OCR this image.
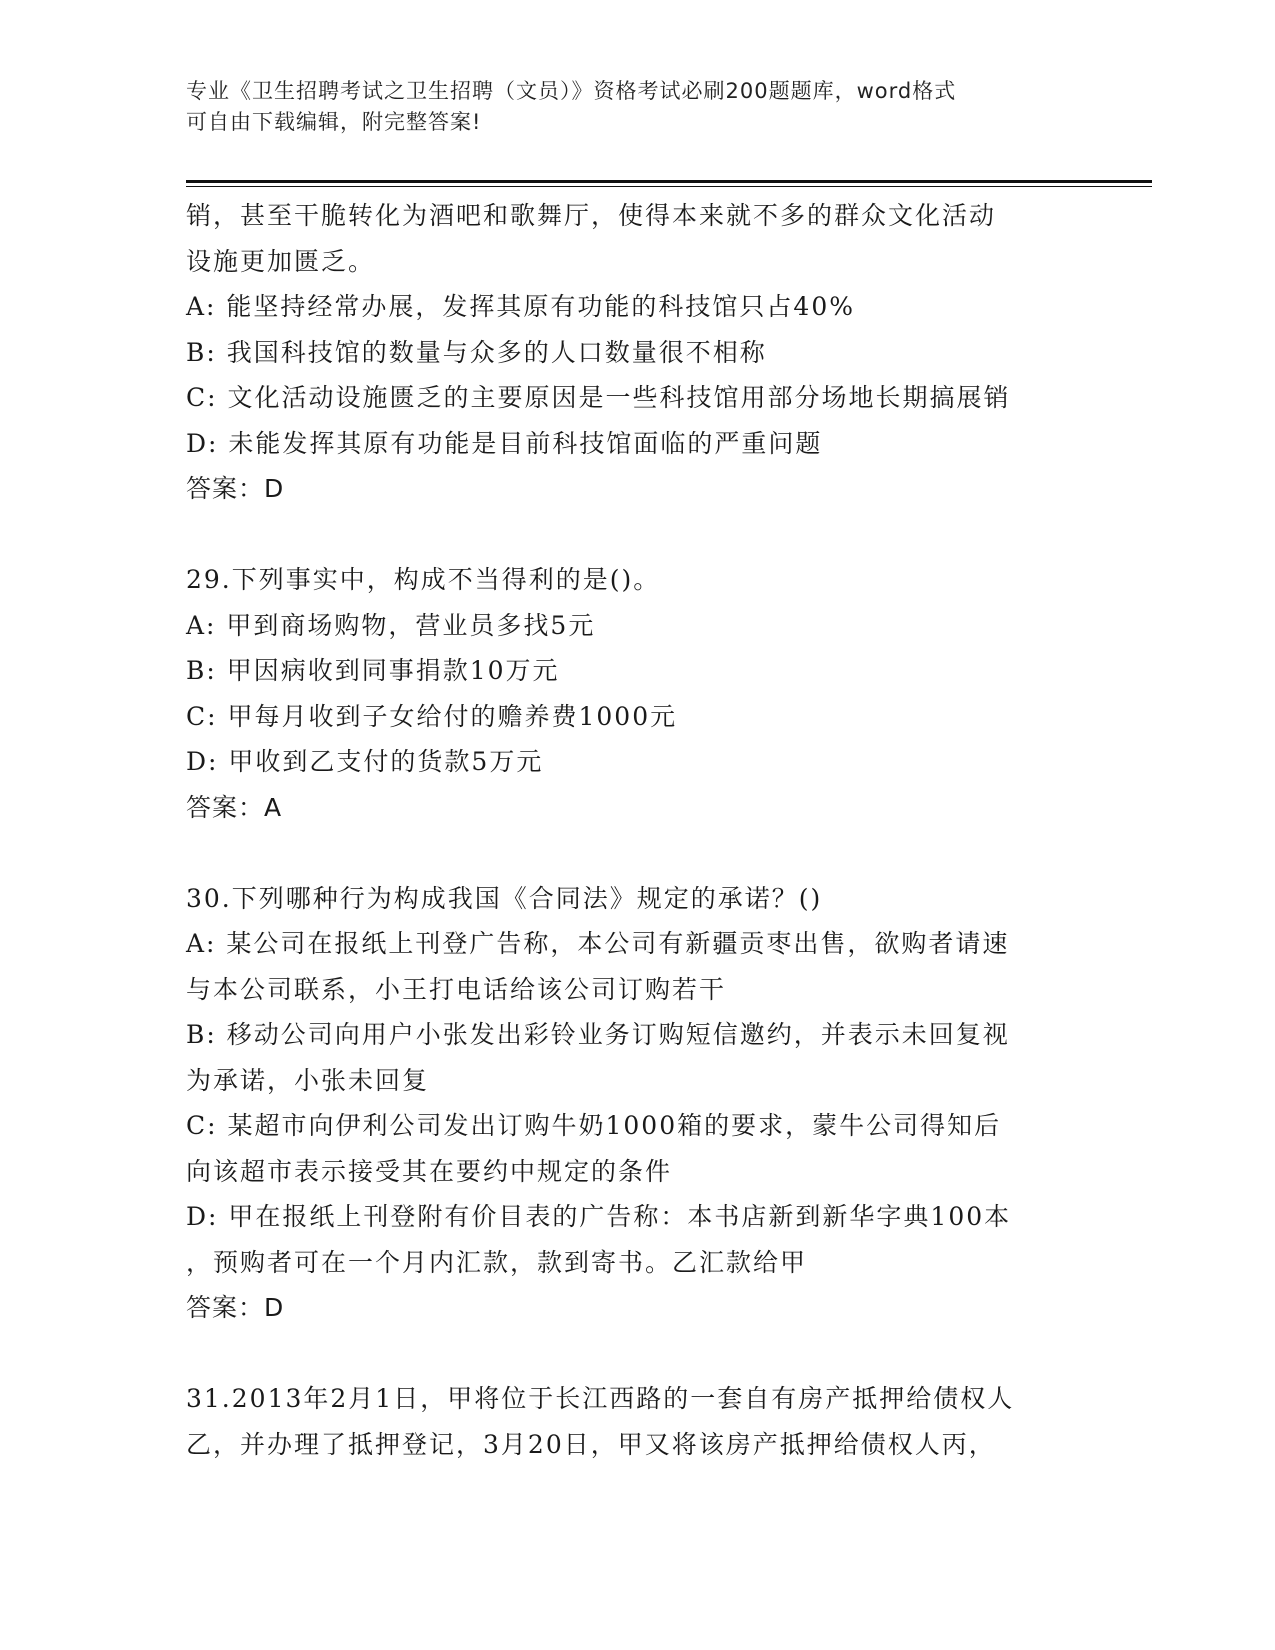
专业《卫生招聘考试之卫生招聘（文员）》资格考试必刷200题题库，word格式
可自由下载编辑，附完整答案!
销，甚至干脆转化为酒吧和歌舞厅，使得本来就不多的群众文化活动
设施更加匮乏。
A: 能坚持经常办展，发挥其原有功能的科技馆只占40%
B: 我国科技馆的数量与众多的人口数量很不相称
C: 文化活动设施匮乏的主要原因是一些科技馆用部分场地长期搞展销
D: 未能发挥其原有功能是目前科技馆面临的严重问题
答案：D
29.下列事实中，构成不当得利的是()。
A: 甲到商场购物，营业员多找5元
B: 甲因病收到同事捐款10万元
C: 甲每月收到子女给付的赡养费1000元
D: 甲收到乙支付的货款5万元
答案：A
30.下列哪种行为构成我国《合同法》规定的承诺？()
A: 某公司在报纸上刊登广告称，本公司有新疆贡枣出售，欲购者请速
与本公司联系，小王打电话给该公司订购若干
B: 移动公司向用户小张发出彩铃业务订购短信邀约，并表示未回复视
为承诺，小张未回复
C: 某超市向伊利公司发出订购牛奶1000箱的要求，蒙牛公司得知后
向该超市表示接受其在要约中规定的条件
D: 甲在报纸上刊登附有价目表的广告称：本书店新到新华字典100本
，预购者可在一个月内汇款，款到寄书。乙汇款给甲
答案：D
31.2013年2月1日，甲将位于长江西路的一套自有房产抵押给债权人
乙，并办理了抵押登记，3月20日，甲又将该房产抵押给债权人丙，
